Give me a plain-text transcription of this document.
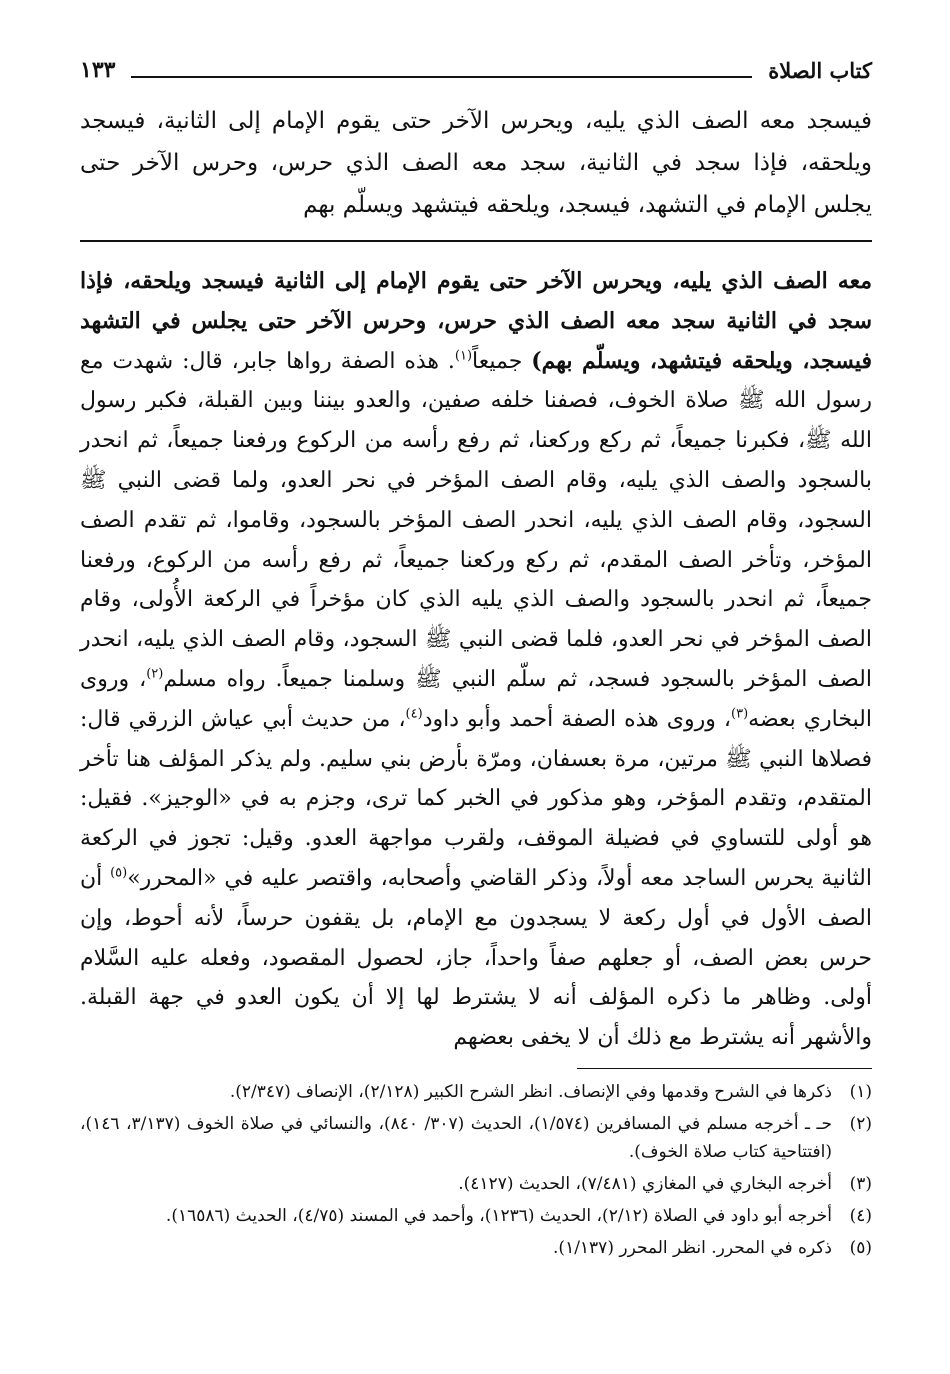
كتاب الصلاة
١٣٣
فيسجد معه الصف الذي يليه، ويحرس الآخر حتى يقوم الإمام إلى الثانية، فيسجد ويلحقه، فإذا سجد في الثانية، سجد معه الصف الذي حرس، وحرس الآخر حتى يجلس الإمام في التشهد، فيسجد، ويلحقه فيتشهد ويسلّم بهم
معه الصف الذي يليه، ويحرس الآخر حتى يقوم الإمام إلى الثانية فيسجد ويلحقه، فإذا سجد في الثانية سجد معه الصف الذي حرس، وحرس الآخر حتى يجلس في التشهد فيسجد، ويلحقه فيتشهد، ويسلّم بهم) جميعاً$^{(١)}$. هذه الصفة رواها جابر، قال: شهدت مع رسول الله ﷺ صلاة الخوف، فصفنا خلفه صفين، والعدو بيننا وبين القبلة، فكبر رسول الله ﷺ، فكبرنا جميعاً، ثم ركع وركعنا، ثم رفع رأسه من الركوع ورفعنا جميعاً، ثم انحدر بالسجود والصف الذي يليه، وقام الصف المؤخر في نحر العدو، ولما قضى النبي ﷺ السجود، وقام الصف الذي يليه، انحدر الصف المؤخر بالسجود، وقاموا، ثم تقدم الصف المؤخر، وتأخر الصف المقدم، ثم ركع وركعنا جميعاً، ثم رفع رأسه من الركوع، ورفعنا جميعاً، ثم انحدر بالسجود والصف الذي يليه الذي كان مؤخراً في الركعة الأُولى، وقام الصف المؤخر في نحر العدو، فلما قضى النبي ﷺ السجود، وقام الصف الذي يليه، انحدر الصف المؤخر بالسجود فسجد، ثم سلّم النبي ﷺ وسلمنا جميعاً. رواه مسلم$^{(٢)}$، وروى البخاري بعضه$^{(٣)}$، وروى هذه الصفة أحمد وأبو داود$^{(٤)}$، من حديث أبي عياش الزرقي قال: فصلاها النبي ﷺ مرتين، مرة بعسفان، ومرّة بأرض بني سليم. ولم يذكر المؤلف هنا تأخر المتقدم، وتقدم المؤخر، وهو مذكور في الخبر كما ترى، وجزم به في «الوجيز». فقيل: هو أولى للتساوي في فضيلة الموقف، ولقرب مواجهة العدو. وقيل: تجوز في الركعة الثانية يحرس الساجد معه أولاً، وذكر القاضي وأصحابه، واقتصر عليه في «المحرر»$^{(٥)}$ أن الصف الأول في أول ركعة لا يسجدون مع الإمام، بل يقفون حرساً، لأنه أحوط، وإن حرس بعض الصف، أو جعلهم صفاً واحداً، جاز، لحصول المقصود، وفعله عليه السَّلام أولى. وظاهر ما ذكره المؤلف أنه لا يشترط لها إلا أن يكون العدو في جهة القبلة. والأشهر أنه يشترط مع ذلك أن لا يخفى بعضهم
(١)
ذكرها في الشرح وقدمها وفي الإنصاف. انظر الشرح الكبير (٢/١٢٨)، الإنصاف (٢/٣٤٧).
(٢)
حـ ـ أخرجه مسلم في المسافرين (١/٥٧٤)، الحديث (٣٠٧/ ٨٤٠)، والنسائي في صلاة الخوف (٣/١٣٧، ١٤٦)، (افتتاحية كتاب صلاة الخوف).
(٣)
أخرجه البخاري في المغازي (٧/٤٨١)، الحديث (٤١٢٧).
(٤)
أخرجه أبو داود في الصلاة (٢/١٢)، الحديث (١٢٣٦)، وأحمد في المسند (٤/٧٥)، الحديث (١٦٥٨٦).
(٥)
ذكره في المحرر. انظر المحرر (١/١٣٧).
